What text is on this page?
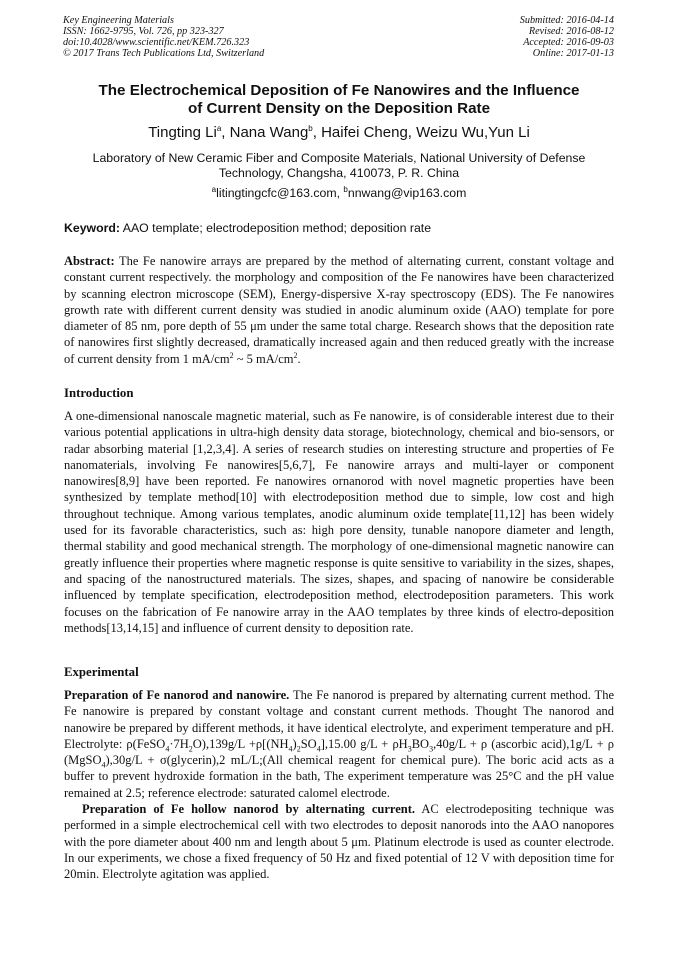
Key Engineering Materials
ISSN: 1662-9795, Vol. 726, pp 323-327
doi:10.4028/www.scientific.net/KEM.726.323
© 2017 Trans Tech Publications Ltd, Switzerland
Submitted: 2016-04-14
Revised: 2016-08-12
Accepted: 2016-09-03
Online: 2017-01-13
The Electrochemical Deposition of Fe Nanowires and the Influence
of Current Density on the Deposition Rate
Tingting Li$^a$, Nana Wang$^b$, Haifei Cheng, Weizu Wu,Yun Li
Laboratory of New Ceramic Fiber and Composite Materials, National University of Defense
Technology, Changsha, 410073, P. R. China
$^a$litingtingcfc@163.com, $^b$nnwang@vip163.com
Keyword: AAO template; electrodeposition method; deposition rate
Abstract: The Fe nanowire arrays are prepared by the method of alternating current, constant voltage and constant current respectively. the morphology and composition of the Fe nanowires have been characterized by scanning electron microscope (SEM), Energy-dispersive X-ray spectroscopy (EDS). The Fe nanowires growth rate with different current density was studied in anodic aluminum oxide (AAO) template for pore diameter of 85 nm, pore depth of 55 μm under the same total charge. Research shows that the deposition rate of nanowires first slightly decreased, dramatically increased again and then reduced greatly with the increase of current density from 1 $mA/cm^2$ ~ 5 $mA/cm^2$.
Introduction
A one-dimensional nanoscale magnetic material, such as Fe nanowire, is of considerable interest due to their various potential applications in ultra-high density data storage, biotechnology, chemical and bio-sensors, or radar absorbing material [1,2,3,4]. A series of research studies on interesting structure and properties of Fe nanomaterials, involving Fe nanowires[5,6,7], Fe nanowire arrays and multi-layer or component nanowires[8,9] have been reported. Fe nanowires ornanorod with novel magnetic properties have been synthesized by template method[10] with electrodeposition method due to simple, low cost and high throughout technique. Among various templates, anodic aluminum oxide template[11,12] has been widely used for its favorable characteristics, such as: high pore density, tunable nanopore diameter and length, thermal stability and good mechanical strength. The morphology of one-dimensional magnetic nanowire can greatly influence their properties where magnetic response is quite sensitive to variability in the sizes, shapes, and spacing of the nanostructured materials. The sizes, shapes, and spacing of nanowire be considerable influenced by template specification, electrodeposition method, electrodeposition parameters. This work focuses on the fabrication of Fe nanowire array in the AAO templates by three kinds of electro-deposition methods[13,14,15] and influence of current density to deposition rate.
Experimental
Preparation of Fe nanorod and nanowire. The Fe nanorod is prepared by alternating current method. The Fe nanowire is prepared by constant voltage and constant current methods. Thought The nanorod and nanowire be prepared by different methods, it have identical electrolyte, and experiment temperature and pH. Electrolyte: $\rho(FeSO_4\cdot 7H_2O),139g/L +\rho[(NH_4)_2SO_4],15.00$ $g/L + \rho H_3BO_3,40g/L + \rho$ (ascorbic acid),1g/L + ρ (MgSO$_4$),30g/L + σ(glycerin),2 mL/L;(All chemical reagent for chemical pure). The boric acid acts as a buffer to prevent hydroxide formation in the bath, The experiment temperature was 25°C and the pH value remained at 2.5; reference electrode: saturated calomel electrode.
Preparation of Fe hollow nanorod by alternating current. AC electrodepositing technique was performed in a simple electrochemical cell with two electrodes to deposit nanorods into the AAO nanopores with the pore diameter about 400 nm and length about 5 μm. Platinum electrode is used as counter electrode. In our experiments, we chose a fixed frequency of 50 Hz and fixed potential of 12 V with deposition time for 20min. Electrolyte agitation was applied.
